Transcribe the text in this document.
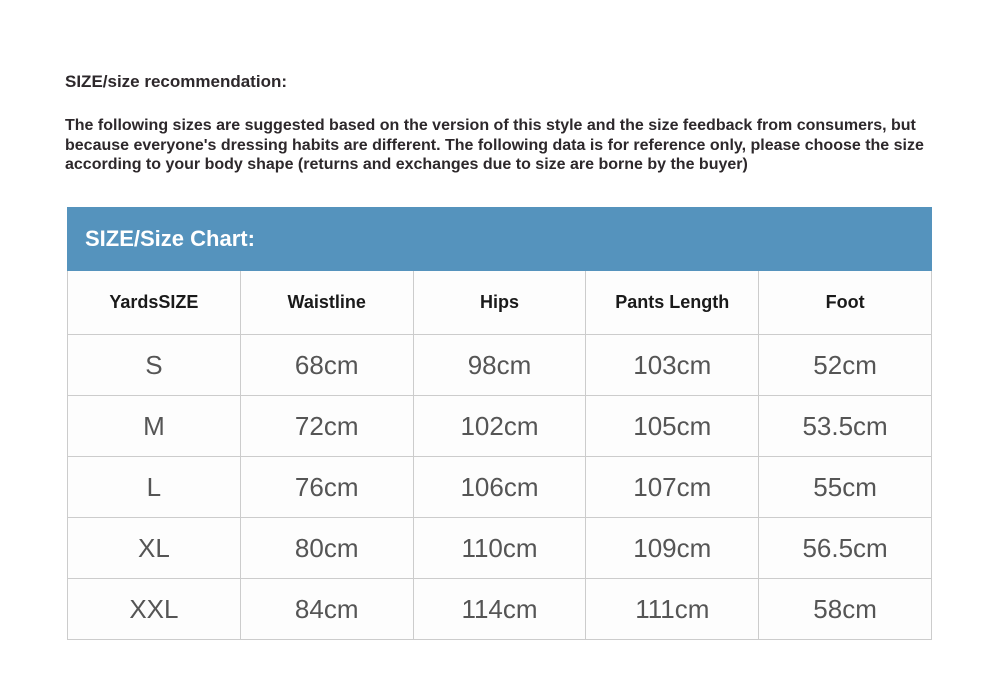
SIZE/size recommendation:

The following sizes are suggested based on the version of this style and the size feedback from consumers, but because everyone's dressing habits are different. The following data is for reference only, please choose the size according to your body shape (returns and exchanges due to size are borne by the buyer)

SIZE/Size Chart:
YardsSIZE	Waistline	Hips	Pants Length	Foot
S	68cm	98cm	103cm	52cm
M	72cm	102cm	105cm	53.5cm
L	76cm	106cm	107cm	55cm
XL	80cm	110cm	109cm	56.5cm
XXL	84cm	114cm	111cm	58cm
